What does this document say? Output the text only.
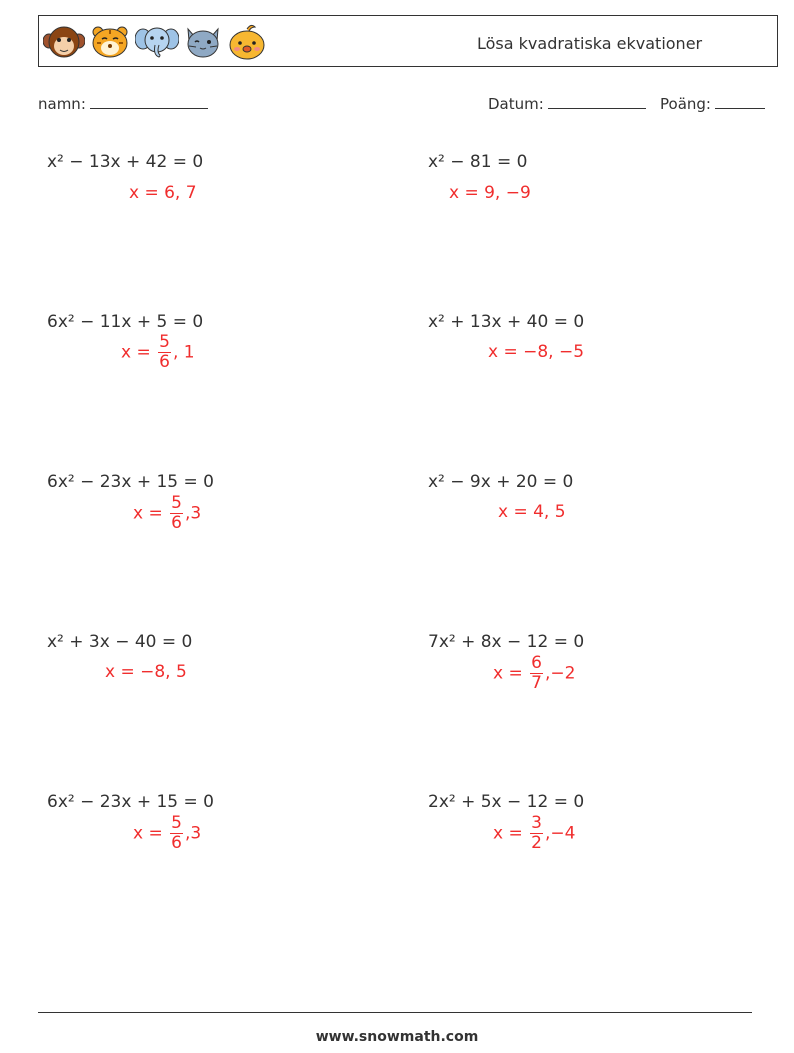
Lösa kvadratiska ekvationer
namn:	Datum:	Poäng:
x² − 13x + 42 = 0
x = 6, 7
x² − 81 = 0
x = 9, −9
6x² − 11x + 5 = 0
$x = \frac{5}{6}$ , 1
x² + 13x + 40 = 0
x = −8, −5
6x² − 23x + 15 = 0
$x = \frac{5}{6} ,3$
x² − 9x + 20 = 0
x = 4, 5
x² + 3x − 40 = 0
x = −8, 5
7x² + 8x − 12 = 0
$x = \frac{6}{7} ,-2$
6x² − 23x + 15 = 0
$x = \frac{5}{6} ,3$
2x² + 5x − 12 = 0
$x = \frac{3}{2} ,-4$
www.snowmath.com
